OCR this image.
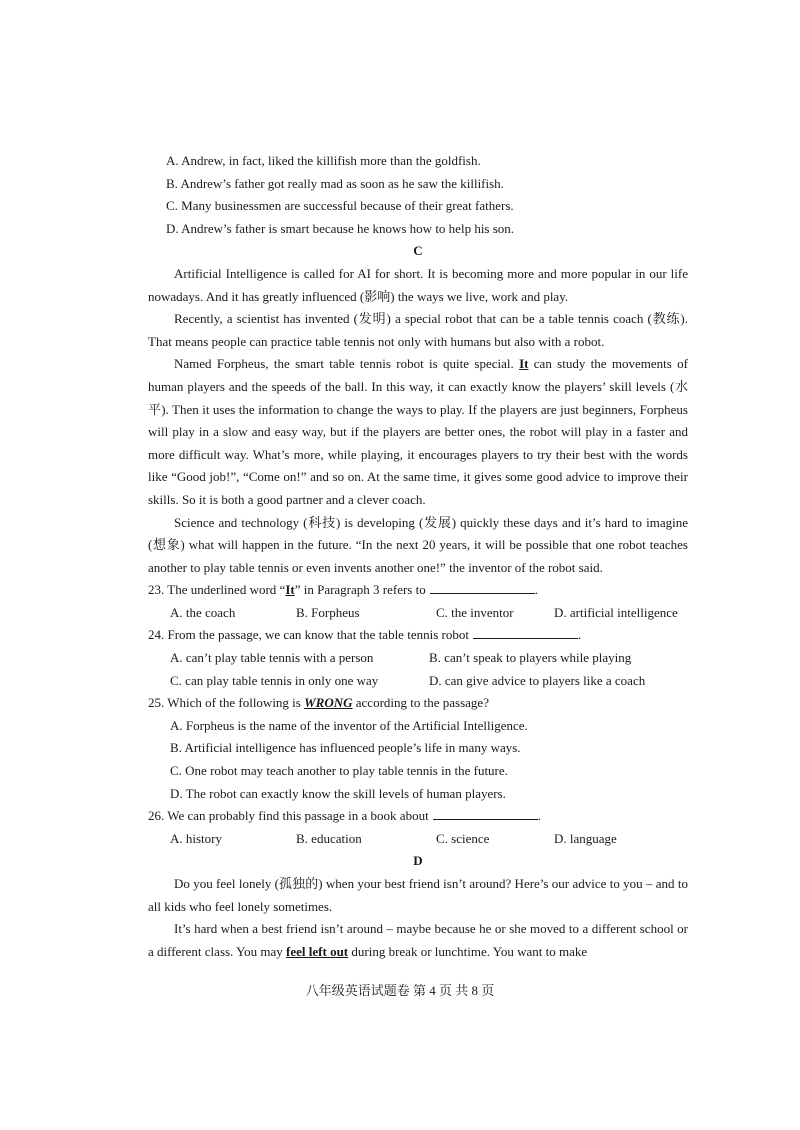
A. Andrew, in fact, liked the killifish more than the goldfish.
B. Andrew’s father got really mad as soon as he saw the killifish.
C. Many businessmen are successful because of their great fathers.
D. Andrew’s father is smart because he knows how to help his son.
C
Artificial Intelligence is called for AI for short. It is becoming more and more popular in our life nowadays. And it has greatly influenced (影响) the ways we live, work and play.
Recently, a scientist has invented (发明) a special robot that can be a table tennis coach (教练). That means people can practice table tennis not only with humans but also with a robot.
Named Forpheus, the smart table tennis robot is quite special. It can study the movements of human players and the speeds of the ball. In this way, it can exactly know the players’ skill levels (水平). Then it uses the information to change the ways to play. If the players are just beginners, Forpheus will play in a slow and easy way, but if the players are better ones, the robot will play in a faster and more difficult way. What’s more, while playing, it encourages players to try their best with the words like “Good job!”, “Come on!” and so on. At the same time, it gives some good advice to improve their skills. So it is both a good partner and a clever coach.
Science and technology (科技) is developing (发展) quickly these days and it’s hard to imagine (想象) what will happen in the future. “In the next 20 years, it will be possible that one robot teaches another to play table tennis or even invents another one!” the inventor of the robot said.
23. The underlined word “It” in Paragraph 3 refers to	.
A. the coach	B. Forpheus	C. the inventor	D. artificial intelligence
24. From the passage, we can know that the table tennis robot	.
A. can’t play table tennis with a person	B. can’t speak to players while playing
C. can play table tennis in only one way	D. can give advice to players like a coach
25. Which of the following is WRONG according to the passage?
A. Forpheus is the name of the inventor of the Artificial Intelligence.
B. Artificial intelligence has influenced people’s life in many ways.
C. One robot may teach another to play table tennis in the future.
D. The robot can exactly know the skill levels of human players.
26. We can probably find this passage in a book about	.
A. history	B. education	C. science	D. language
D
Do you feel lonely (孤独的) when your best friend isn’t around? Here’s our advice to you – and to all kids who feel lonely sometimes.
It’s hard when a best friend isn’t around – maybe because he or she moved to a different school or a different class. You may feel left out during break or lunchtime. You want to make
八年级英语试题卷 第 4 页 共 8 页
